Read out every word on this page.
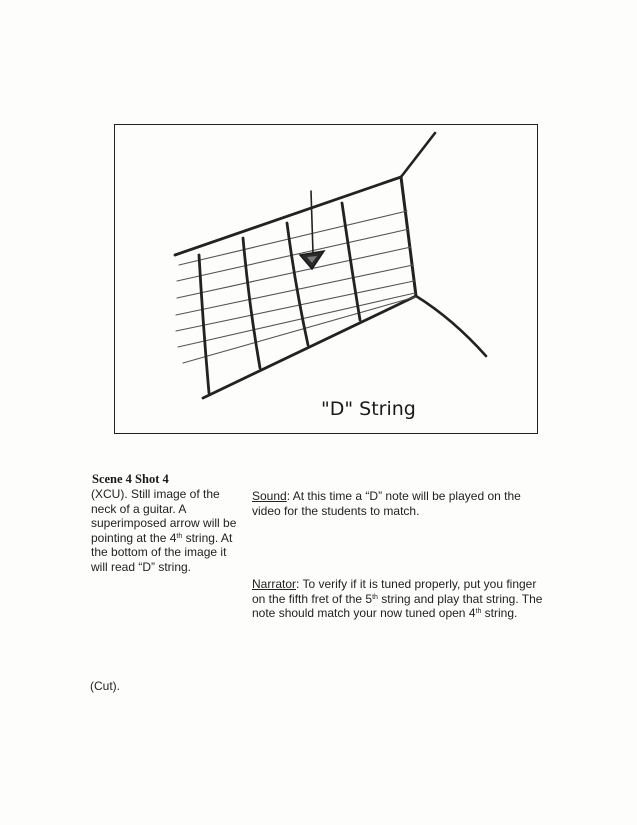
"D" String
Scene 4 Shot 4
(XCU). Still image of the neck of a guitar. A superimposed arrow will be pointing at the 4th string. At the bottom of the image it will read “D” string.
Sound: At this time a “D” note will be played on the video for the students to match.
Narrator: To verify if it is tuned properly, put you finger on the fifth fret of the 5th string and play that string. The note should match your now tuned open 4th string.
(Cut).
